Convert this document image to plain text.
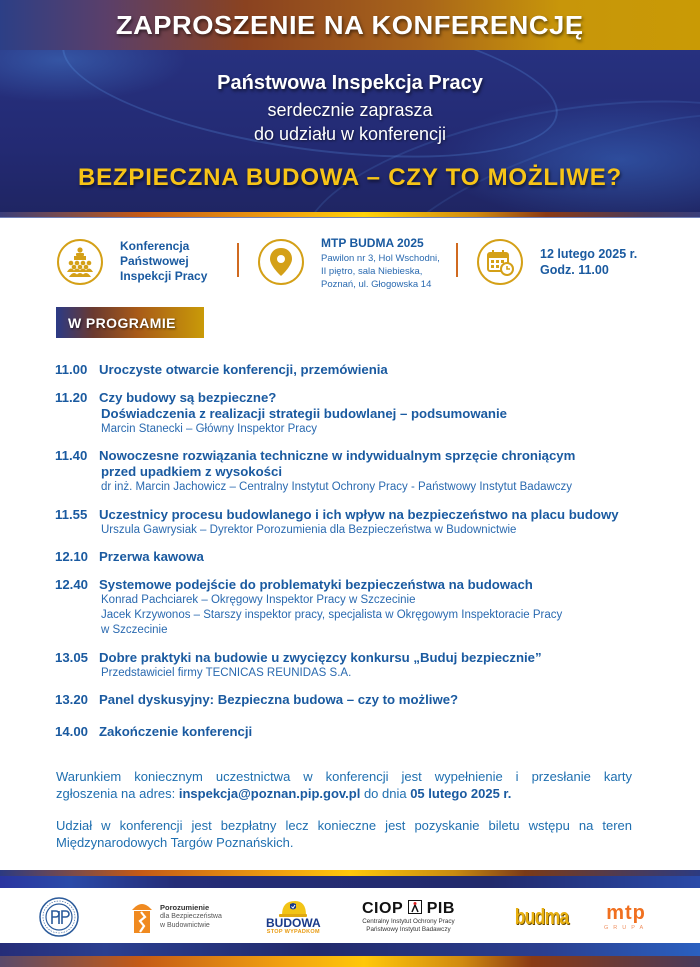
ZAPROSZENIE NA KONFERENCJĘ
Państwowa Inspekcja Pracy
serdecznie zaprasza
do udziału w konferencji
BEZPIECZNA BUDOWA – CZY TO MOŻLIWE?
Konferencja
Państwowej
Inspekcji Pracy
MTP BUDMA 2025
Pawilon nr 3, Hol Wschodni,
II piętro, sala Niebieska,
Poznań, ul. Głogowska 14
12 lutego 2025 r.
Godz. 11.00
W PROGRAMIE
11.00 Uroczyste otwarcie konferencji, przemówienia
11.20 Czy budowy są bezpieczne?
Doświadczenia z realizacji strategii budowlanej – podsumowanie
Marcin Stanecki – Główny Inspektor Pracy
11.40 Nowoczesne rozwiązania techniczne w indywidualnym sprzęcie chroniącym
przed upadkiem z wysokości
dr inż. Marcin Jachowicz – Centralny Instytut Ochrony Pracy - Państwowy Instytut Badawczy
11.55 Uczestnicy procesu budowlanego i ich wpływ na bezpieczeństwo na placu budowy
Urszula Gawrysiak – Dyrektor Porozumienia dla Bezpieczeństwa w Budownictwie
12.10 Przerwa kawowa
12.40 Systemowe podejście do problematyki bezpieczeństwa na budowach
Konrad Pachciarek – Okręgowy Inspektor Pracy w Szczecinie
Jacek Krzywonos – Starszy inspektor pracy, specjalista w Okręgowym Inspektoracie Pracy
w Szczecinie
13.05 Dobre praktyki na budowie u zwycięzcy konkursu „Buduj bezpiecznie”
Przedstawiciel firmy TECNICAS REUNIDAS S.A.
13.20 Panel dyskusyjny: Bezpieczna budowa – czy to możliwe?
14.00 Zakończenie konferencji
Warunkiem koniecznym uczestnictwa w konferencji jest wypełnienie i przesłanie karty
zgłoszenia na adres: inspekcja@poznan.pip.gov.pl do dnia 05 lutego 2025 r.
Udział w konferencji jest bezpłatny lecz konieczne jest pozyskanie biletu wstępu na teren Międzynarodowych Targów Poznańskich.
Porozumienie
dla Bezpieczeństwa
w Budownictwie	BUDOWA
STOP WYPADKOM
CIOP PIB
Centralny Instytut Ochrony Pracy
Państwowy Instytut Badawczy
budma mtp
GRUPA
